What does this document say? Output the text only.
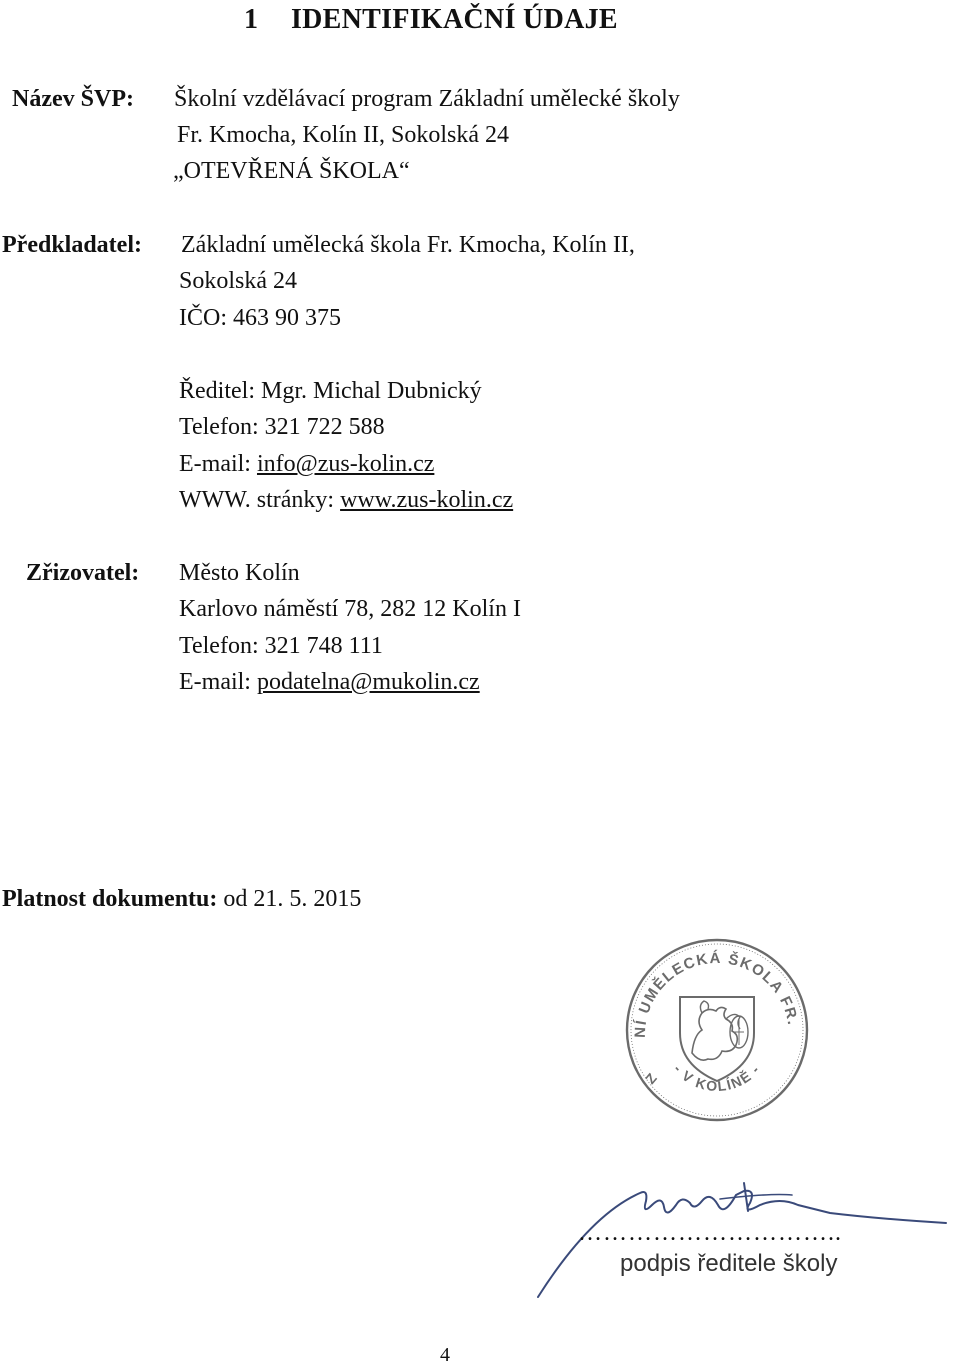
1 IDENTIFIKAČNÍ ÚDAJE
Název ŠVP: Školní vzdělávací program Základní umělecké školy
Fr. Kmocha, Kolín II, Sokolská 24
„OTEVŘENÁ ŠKOLA“
Předkladatel: Základní umělecká škola Fr. Kmocha, Kolín II,
Sokolská 24
IČO: 463 90 375
Ředitel: Mgr. Michal Dubnický
Telefon: 321 722 588
E-mail: info@zus-kolin.cz
WWW. stránky: www.zus-kolin.cz
Zřizovatel: Město Kolín
Karlovo náměstí 78, 282 12 Kolín I
Telefon: 321 748 111
E-mail: podatelna@mukolin.cz
Platnost dokumentu: od 21. 5. 2015
NÍ UMĚLECKÁ ŠKOLA FR.
- V KOLÍNĚ -
Z
…………………………..
podpis ředitele školy
4
